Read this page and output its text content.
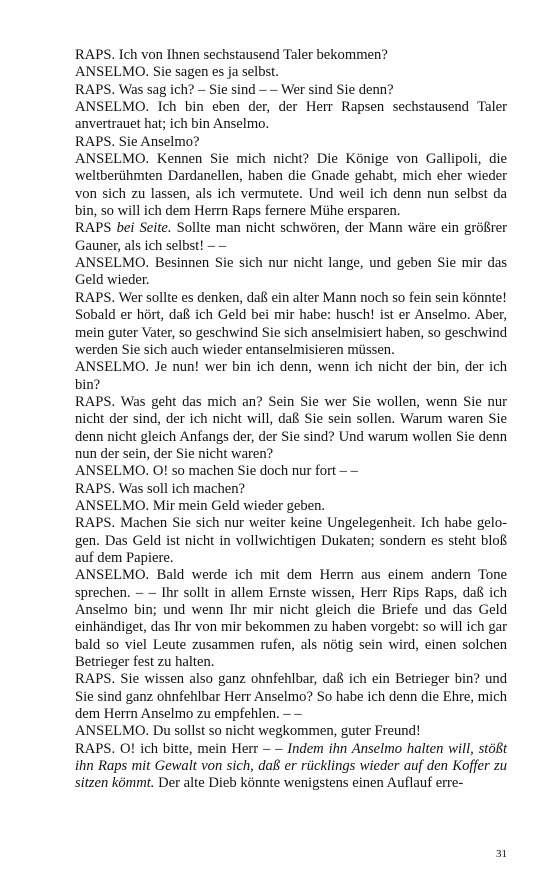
RAPS. Ich von Ihnen sechstausend Taler bekommen?

ANSELMO. Sie sagen es ja selbst.

RAPS. Was sag ich? – Sie sind – – Wer sind Sie denn?

ANSELMO. Ich bin eben der, der Herr Rapsen sechstausend Taler anvertrauet hat; ich bin Anselmo.

RAPS. Sie Anselmo?

ANSELMO. Kennen Sie mich nicht? Die Könige von Gallipoli, die weltberühmten Dardanellen, haben die Gnade gehabt, mich eher wieder von sich zu lassen, als ich vermutete. Und weil ich denn nun selbst da bin, so will ich dem Herrn Raps fernere Mühe ersparen.

RAPS bei Seite. Sollte man nicht schwören, der Mann wäre ein größrer Gauner, als ich selbst! – –

ANSELMO. Besinnen Sie sich nur nicht lange, und geben Sie mir das Geld wieder.

RAPS. Wer sollte es denken, daß ein alter Mann noch so fein sein könnte! Sobald er hört, daß ich Geld bei mir habe: husch! ist er Anselmo. Aber, mein guter Vater, so geschwind Sie sich anselmisiert haben, so geschwind werden Sie sich auch wieder entanselmisieren müssen.

ANSELMO. Je nun! wer bin ich denn, wenn ich nicht der bin, der ich bin?

RAPS. Was geht das mich an? Sein Sie wer Sie wollen, wenn Sie nur nicht der sind, der ich nicht will, daß Sie sein sollen. Warum waren Sie denn nicht gleich Anfangs der, der Sie sind? Und warum wollen Sie denn nun der sein, der Sie nicht waren?

ANSELMO. O! so machen Sie doch nur fort – –

RAPS. Was soll ich machen?

ANSELMO. Mir mein Geld wieder geben.

RAPS. Machen Sie sich nur weiter keine Ungelegenheit. Ich habe gelogen. Das Geld ist nicht in vollwichtigen Dukaten; sondern es steht bloß auf dem Papiere.

ANSELMO. Bald werde ich mit dem Herrn aus einem andern Tone sprechen. – – Ihr sollt in allem Ernste wissen, Herr Rips Raps, daß ich Anselmo bin; und wenn Ihr mir nicht gleich die Briefe und das Geld einhändiget, das Ihr von mir bekommen zu haben vorgebt: so will ich gar bald so viel Leute zusammen rufen, als nötig sein wird, einen solchen Betrieger fest zu halten.

RAPS. Sie wissen also ganz ohnfehlbar, daß ich ein Betrieger bin? und Sie sind ganz ohnfehlbar Herr Anselmo? So habe ich denn die Ehre, mich dem Herrn Anselmo zu empfehlen. – –

ANSELMO. Du sollst so nicht wegkommen, guter Freund!

RAPS. O! ich bitte, mein Herr – – Indem ihn Anselmo halten will, stößt ihn Raps mit Gewalt von sich, daß er rücklings wieder auf den Koffer zu sitzen kömmt. Der alte Dieb könnte wenigstens einen Auflauf erre-

31
